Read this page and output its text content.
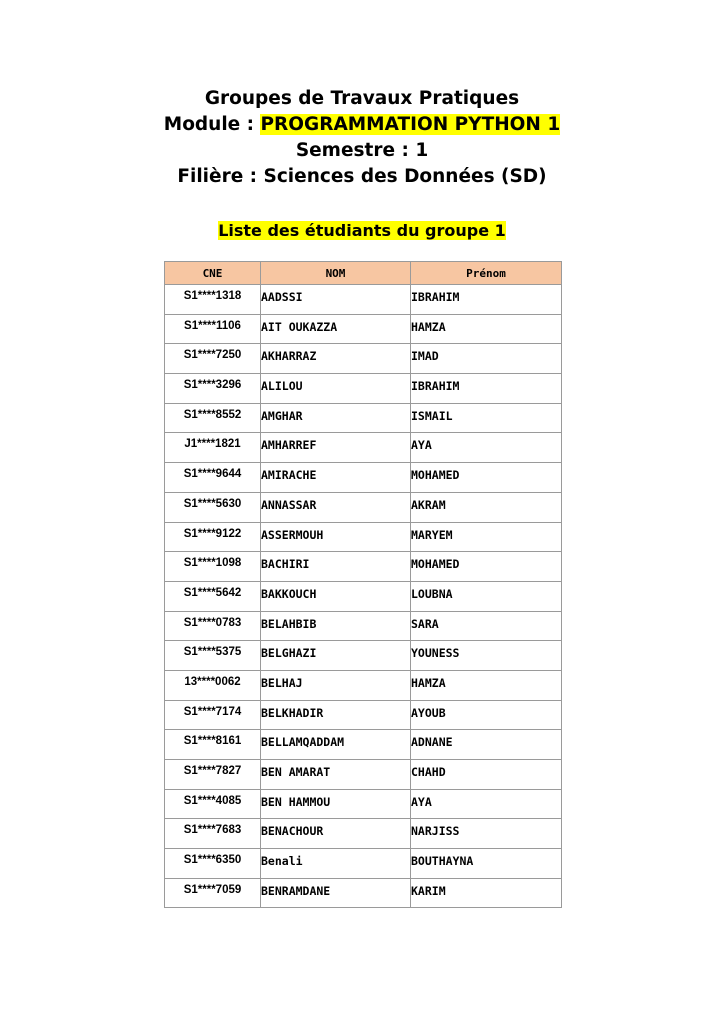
Groupes de Travaux Pratiques
Module : PROGRAMMATION PYTHON 1
Semestre : 1
Filière : Sciences des Données (SD)
Liste des étudiants du groupe 1
CNE	NOM	Prénom
S1****1318	AADSSI	IBRAHIM
S1****1106	AIT OUKAZZA	HAMZA
S1****7250	AKHARRAZ	IMAD
S1****3296	ALILOU	IBRAHIM
S1****8552	AMGHAR	ISMAIL
J1****1821	AMHARREF	AYA
S1****9644	AMIRACHE	MOHAMED
S1****5630	ANNASSAR	AKRAM
S1****9122	ASSERMOUH	MARYEM
S1****1098	BACHIRI	MOHAMED
S1****5642	BAKKOUCH	LOUBNA
S1****0783	BELAHBIB	SARA
S1****5375	BELGHAZI	YOUNESS
13****0062	BELHAJ	HAMZA
S1****7174	BELKHADIR	AYOUB
S1****8161	BELLAMQADDAM	ADNANE
S1****7827	BEN AMARAT	CHAHD
S1****4085	BEN HAMMOU	AYA
S1****7683	BENACHOUR	NARJISS
S1****6350	Benali	BOUTHAYNA
S1****7059	BENRAMDANE	KARIM
